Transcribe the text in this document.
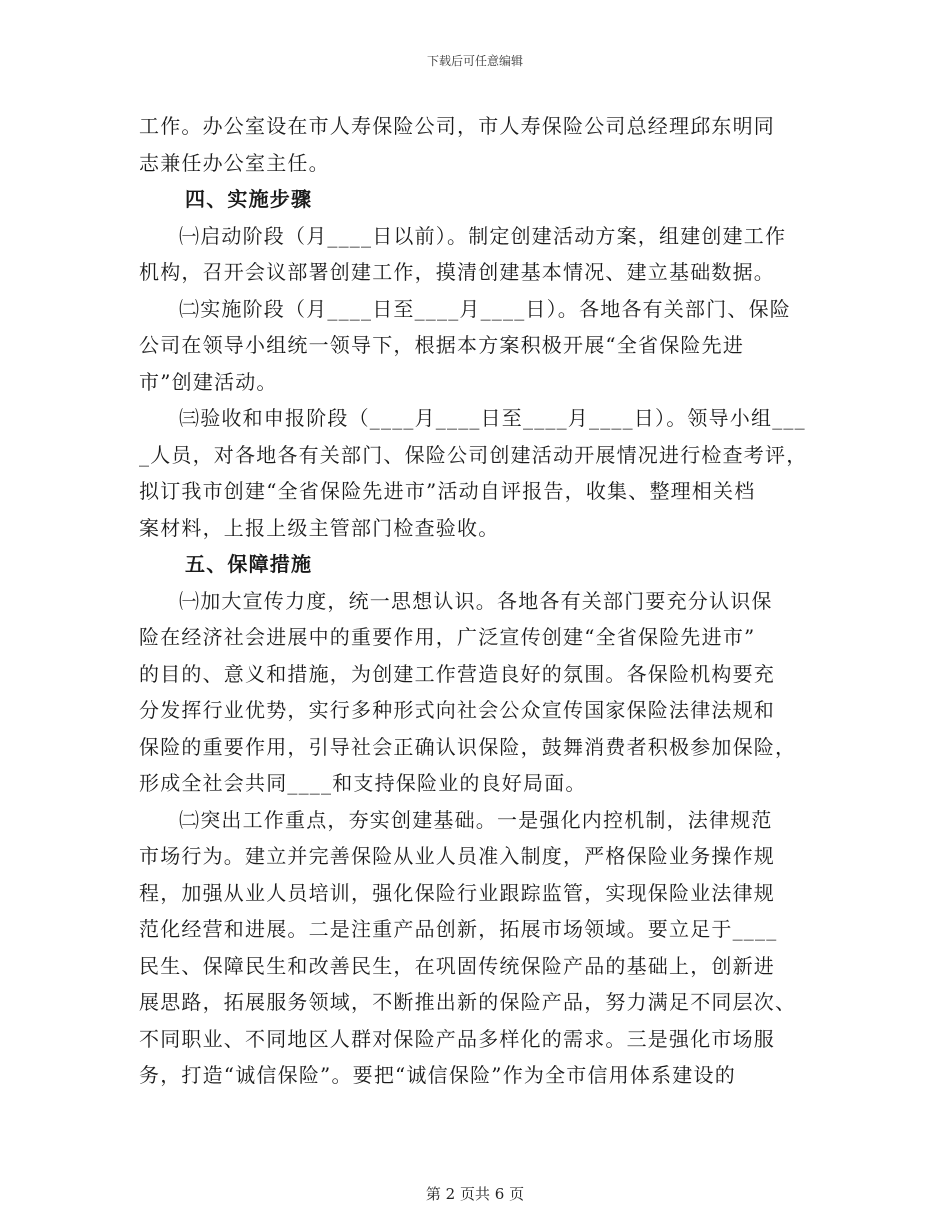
下载后可任意编辑
工作。办公室设在市人寿保险公司，市人寿保险公司总经理邱东明同
志兼任办公室主任。
四、实施步骤
㈠启动阶段（月____日以前）。制定创建活动方案，组建创建工作
机构，召开会议部署创建工作，摸清创建基本情况、建立基础数据。
㈡实施阶段（月____日至____月____日）。各地各有关部门、保险
公司在领导小组统一领导下，根据本方案积极开展“全省保险先进
市”创建活动。
㈢验收和申报阶段（____月____日至____月____日）。领导小组___
_人员，对各地各有关部门、保险公司创建活动开展情况进行检查考评，
拟订我市创建“全省保险先进市”活动自评报告，收集、整理相关档
案材料，上报上级主管部门检查验收。
五、保障措施
㈠加大宣传力度，统一思想认识。各地各有关部门要充分认识保
险在经济社会进展中的重要作用，广泛宣传创建“全省保险先进市”
的目的、意义和措施，为创建工作营造良好的氛围。各保险机构要充
分发挥行业优势，实行多种形式向社会公众宣传国家保险法律法规和
保险的重要作用，引导社会正确认识保险，鼓舞消费者积极参加保险，
形成全社会共同____和支持保险业的良好局面。
㈡突出工作重点，夯实创建基础。一是强化内控机制，法律规范
市场行为。建立并完善保险从业人员准入制度，严格保险业务操作规
程，加强从业人员培训，强化保险行业跟踪监管，实现保险业法律规
范化经营和进展。二是注重产品创新，拓展市场领域。要立足于____
民生、保障民生和改善民生，在巩固传统保险产品的基础上，创新进
展思路，拓展服务领域，不断推出新的保险产品，努力满足不同层次、
不同职业、不同地区人群对保险产品多样化的需求。三是强化市场服
务，打造“诚信保险”。要把“诚信保险”作为全市信用体系建设的
第 2 页共 6 页
